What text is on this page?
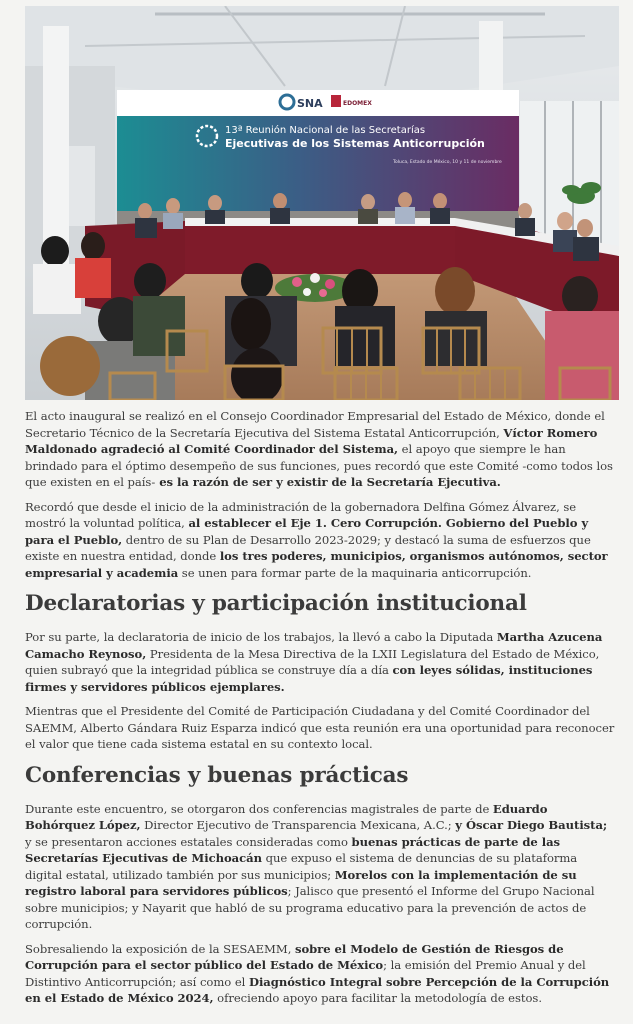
SNA	EDOMEX
13ª Reunión Nacional de las Secretarías
Ejecutivas de los Sistemas Anticorrupción
Toluca, Estado de México, 10 y 11 de noviembre

El acto inaugural se realizó en el Consejo Coordinador Empresarial del Estado de México, donde el Secretario Técnico de la Secretaría Ejecutiva del Sistema Estatal Anticorrupción, Víctor Romero Maldonado agradeció al Comité Coordinador del Sistema, el apoyo que siempre le han brindado para el óptimo desempeño de sus funciones, pues recordó que este Comité -como todos los que existen en el país- es la razón de ser y existir de la Secretaría Ejecutiva.

Recordó que desde el inicio de la administración de la gobernadora Delfina Gómez Álvarez, se mostró la voluntad política, al establecer el Eje 1. Cero Corrupción. Gobierno del Pueblo y para el Pueblo, dentro de su Plan de Desarrollo 2023-2029; y destacó la suma de esfuerzos que existe en nuestra entidad, donde los tres poderes, municipios, organismos autónomos, sector empresarial y academia se unen para formar parte de la maquinaria anticorrupción.

Declaratorias y participación institucional

Por su parte, la declaratoria de inicio de los trabajos, la llevó a cabo la Diputada Martha Azucena Camacho Reynoso, Presidenta de la Mesa Directiva de la LXII Legislatura del Estado de México, quien subrayó que la integridad pública se construye día a día con leyes sólidas, instituciones firmes y servidores públicos ejemplares.

Mientras que el Presidente del Comité de Participación Ciudadana y del Comité Coordinador del SAEMM, Alberto Gándara Ruiz Esparza indicó que esta reunión era una oportunidad para reconocer el valor que tiene cada sistema estatal en su contexto local.

Conferencias y buenas prácticas

Durante este encuentro, se otorgaron dos conferencias magistrales de parte de Eduardo Bohórquez López, Director Ejecutivo de Transparencia Mexicana, A.C.; y Óscar Diego Bautista; y se presentaron acciones estatales consideradas como buenas prácticas de parte de las Secretarías Ejecutivas de Michoacán que expuso el sistema de denuncias de su plataforma digital estatal, utilizado también por sus municipios; Morelos con la implementación de su registro laboral para servidores públicos; Jalisco que presentó el Informe del Grupo Nacional sobre municipios; y Nayarit que habló de su programa educativo para la prevención de actos de corrupción.

Sobresaliendo la exposición de la SESAEMM, sobre el Modelo de Gestión de Riesgos de Corrupción para el sector público del Estado de México; la emisión del Premio Anual y del Distintivo Anticorrupción; así como el Diagnóstico Integral sobre Percepción de la Corrupción en el Estado de México 2024, ofreciendo apoyo para facilitar la metodología de estos.
